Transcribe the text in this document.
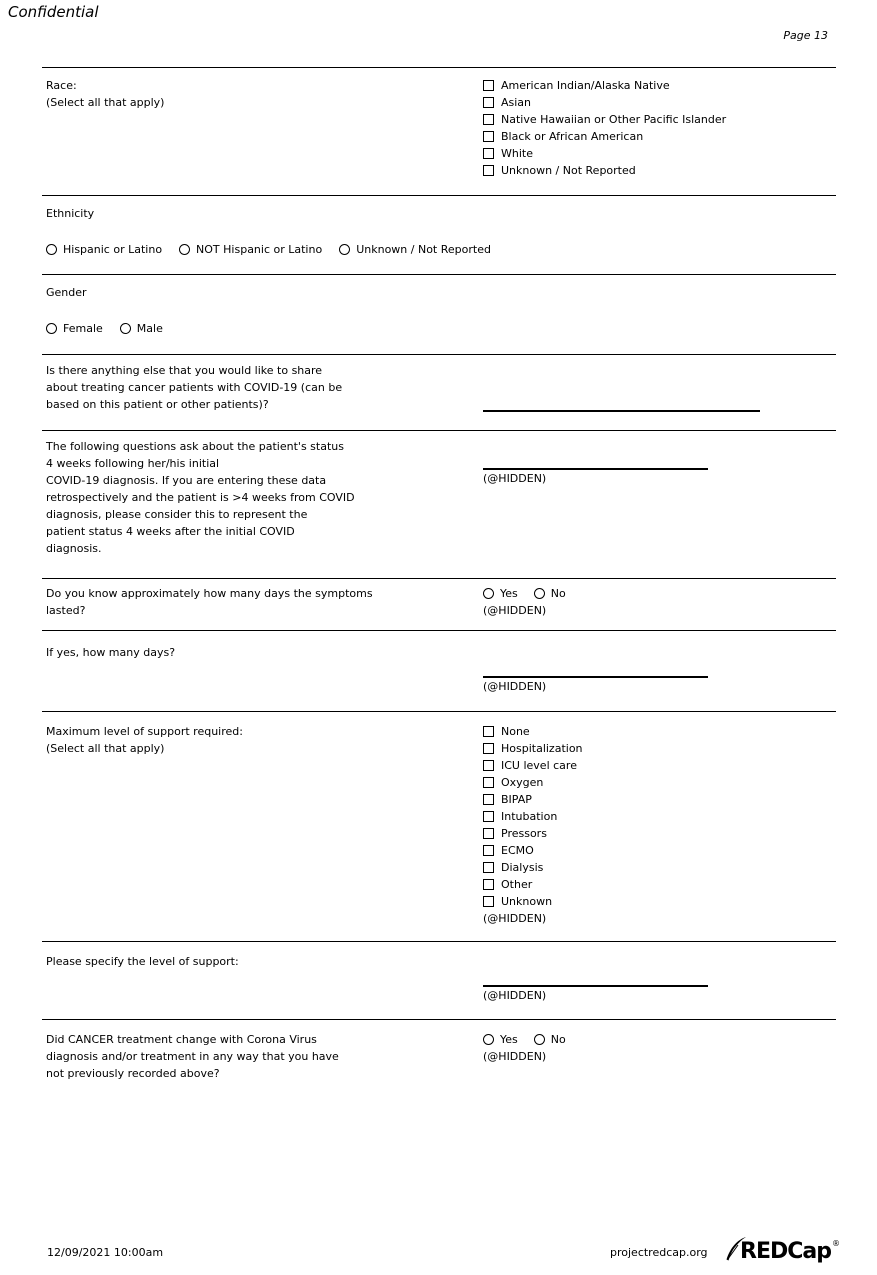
Confidential
Page 13
Race:
(Select all that apply)
American Indian/Alaska Native
Asian
Native Hawaiian or Other Pacific Islander
Black or African American
White
Unknown / Not Reported
Ethnicity
Hispanic or Latino	NOT Hispanic or Latino	Unknown / Not Reported
Gender
Female	Male
Is there anything else that you would like to share
about treating cancer patients with COVID-19 (can be
based on this patient or other patients)?
The following questions ask about the patient's status
4 weeks following her/his initial
COVID-19 diagnosis. If you are entering these data
retrospectively and the patient is >4 weeks from COVID
diagnosis, please consider this to represent the
patient status 4 weeks after the initial COVID
diagnosis.
(@HIDDEN)
Do you know approximately how many days the symptoms
lasted?
Yes	No
(@HIDDEN)
If yes, how many days?
(@HIDDEN)
Maximum level of support required:
(Select all that apply)
None
Hospitalization
ICU level care
Oxygen
BIPAP
Intubation
Pressors
ECMO
Dialysis
Other
Unknown
(@HIDDEN)
Please specify the level of support:
(@HIDDEN)
Did CANCER treatment change with Corona Virus
diagnosis and/or treatment in any way that you have
not previously recorded above?
Yes	No
(@HIDDEN)
12/09/2021 10:00am	projectredcap.org REDCap ®
